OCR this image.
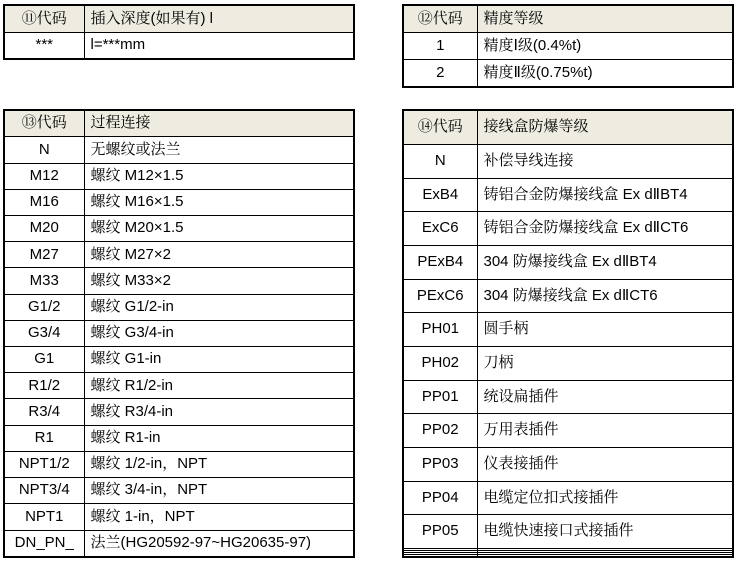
⑪代码	插入深度(如果有) l
***	l=***mm
⑫代码	精度等级
1	精度Ⅰ级(0.4%t)
2	精度Ⅱ级(0.75%t)
⑬代码	过程连接
N	无螺纹或法兰
M12	螺纹 M12×1.5
M16	螺纹 M16×1.5
M20	螺纹 M20×1.5
M27	螺纹 M27×2
M33	螺纹 M33×2
G1/2	螺纹 G1/2-in
G3/4	螺纹 G3/4-in
G1	螺纹 G1-in
R1/2	螺纹 R1/2-in
R3/4	螺纹 R3/4-in
R1	螺纹 R1-in
NPT1/2	螺纹 1/2-in，NPT
NPT3/4	螺纹 3/4-in，NPT
NPT1	螺纹 1-in，NPT
DN_PN_	法兰(HG20592-97~HG20635-97)
⑭代码	接线盒防爆等级
N	补偿导线连接
ExB4	铸铝合金防爆接线盒 Ex dⅡBT4
ExC6	铸铝合金防爆接线盒 Ex dⅡCT6
PExB4	304 防爆接线盒 Ex dⅡBT4
PExC6	304 防爆接线盒 Ex dⅡCT6
PH01	圆手柄
PH02	刀柄
PP01	统设扁插件
PP02	万用表插件
PP03	仪表接插件
PP04	电缆定位扣式接插件
PP05	电缆快速接口式接插件
